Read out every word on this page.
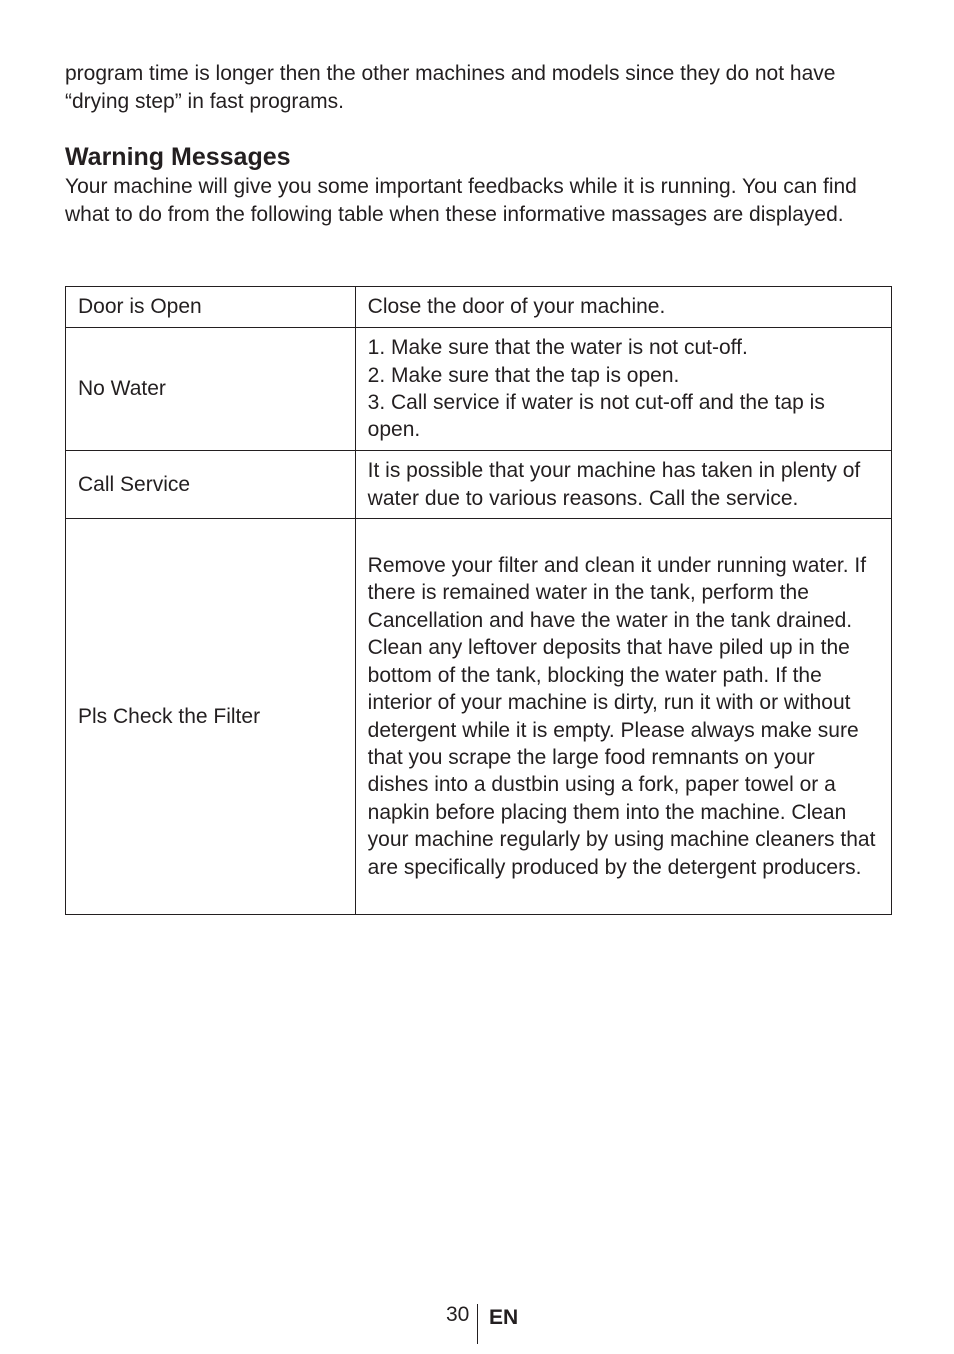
program time is longer then the other machines and models since they do not have “drying step” in fast programs.

Warning Messages

Your machine will give you some important feedbacks while it is running. You can find what to do from the following table when these informative massages are displayed.

Door is Open	Close the door of your machine.

No Water	1. Make sure that the water is not cut-off.
2. Make sure that the tap is open.
3. Call service if water is not cut-off and the tap is open.

Call Service	It is possible that your machine has taken in plenty of water due to various reasons. Call the service.

Pls Check the Filter	Remove your filter and clean it under running water. If there is remained water in the tank, perform the Cancellation and have the water in the tank drained. Clean any leftover deposits that have piled up in the bottom of the tank, blocking the water path. If the interior of your machine is dirty, run it with or without detergent while it is empty. Please always make sure that you scrape the large food remnants on your dishes into a dustbin using a fork, paper towel or a napkin before placing them into the machine. Clean your machine regularly by using machine cleaners that are specifically produced by the detergent producers.
30 EN
